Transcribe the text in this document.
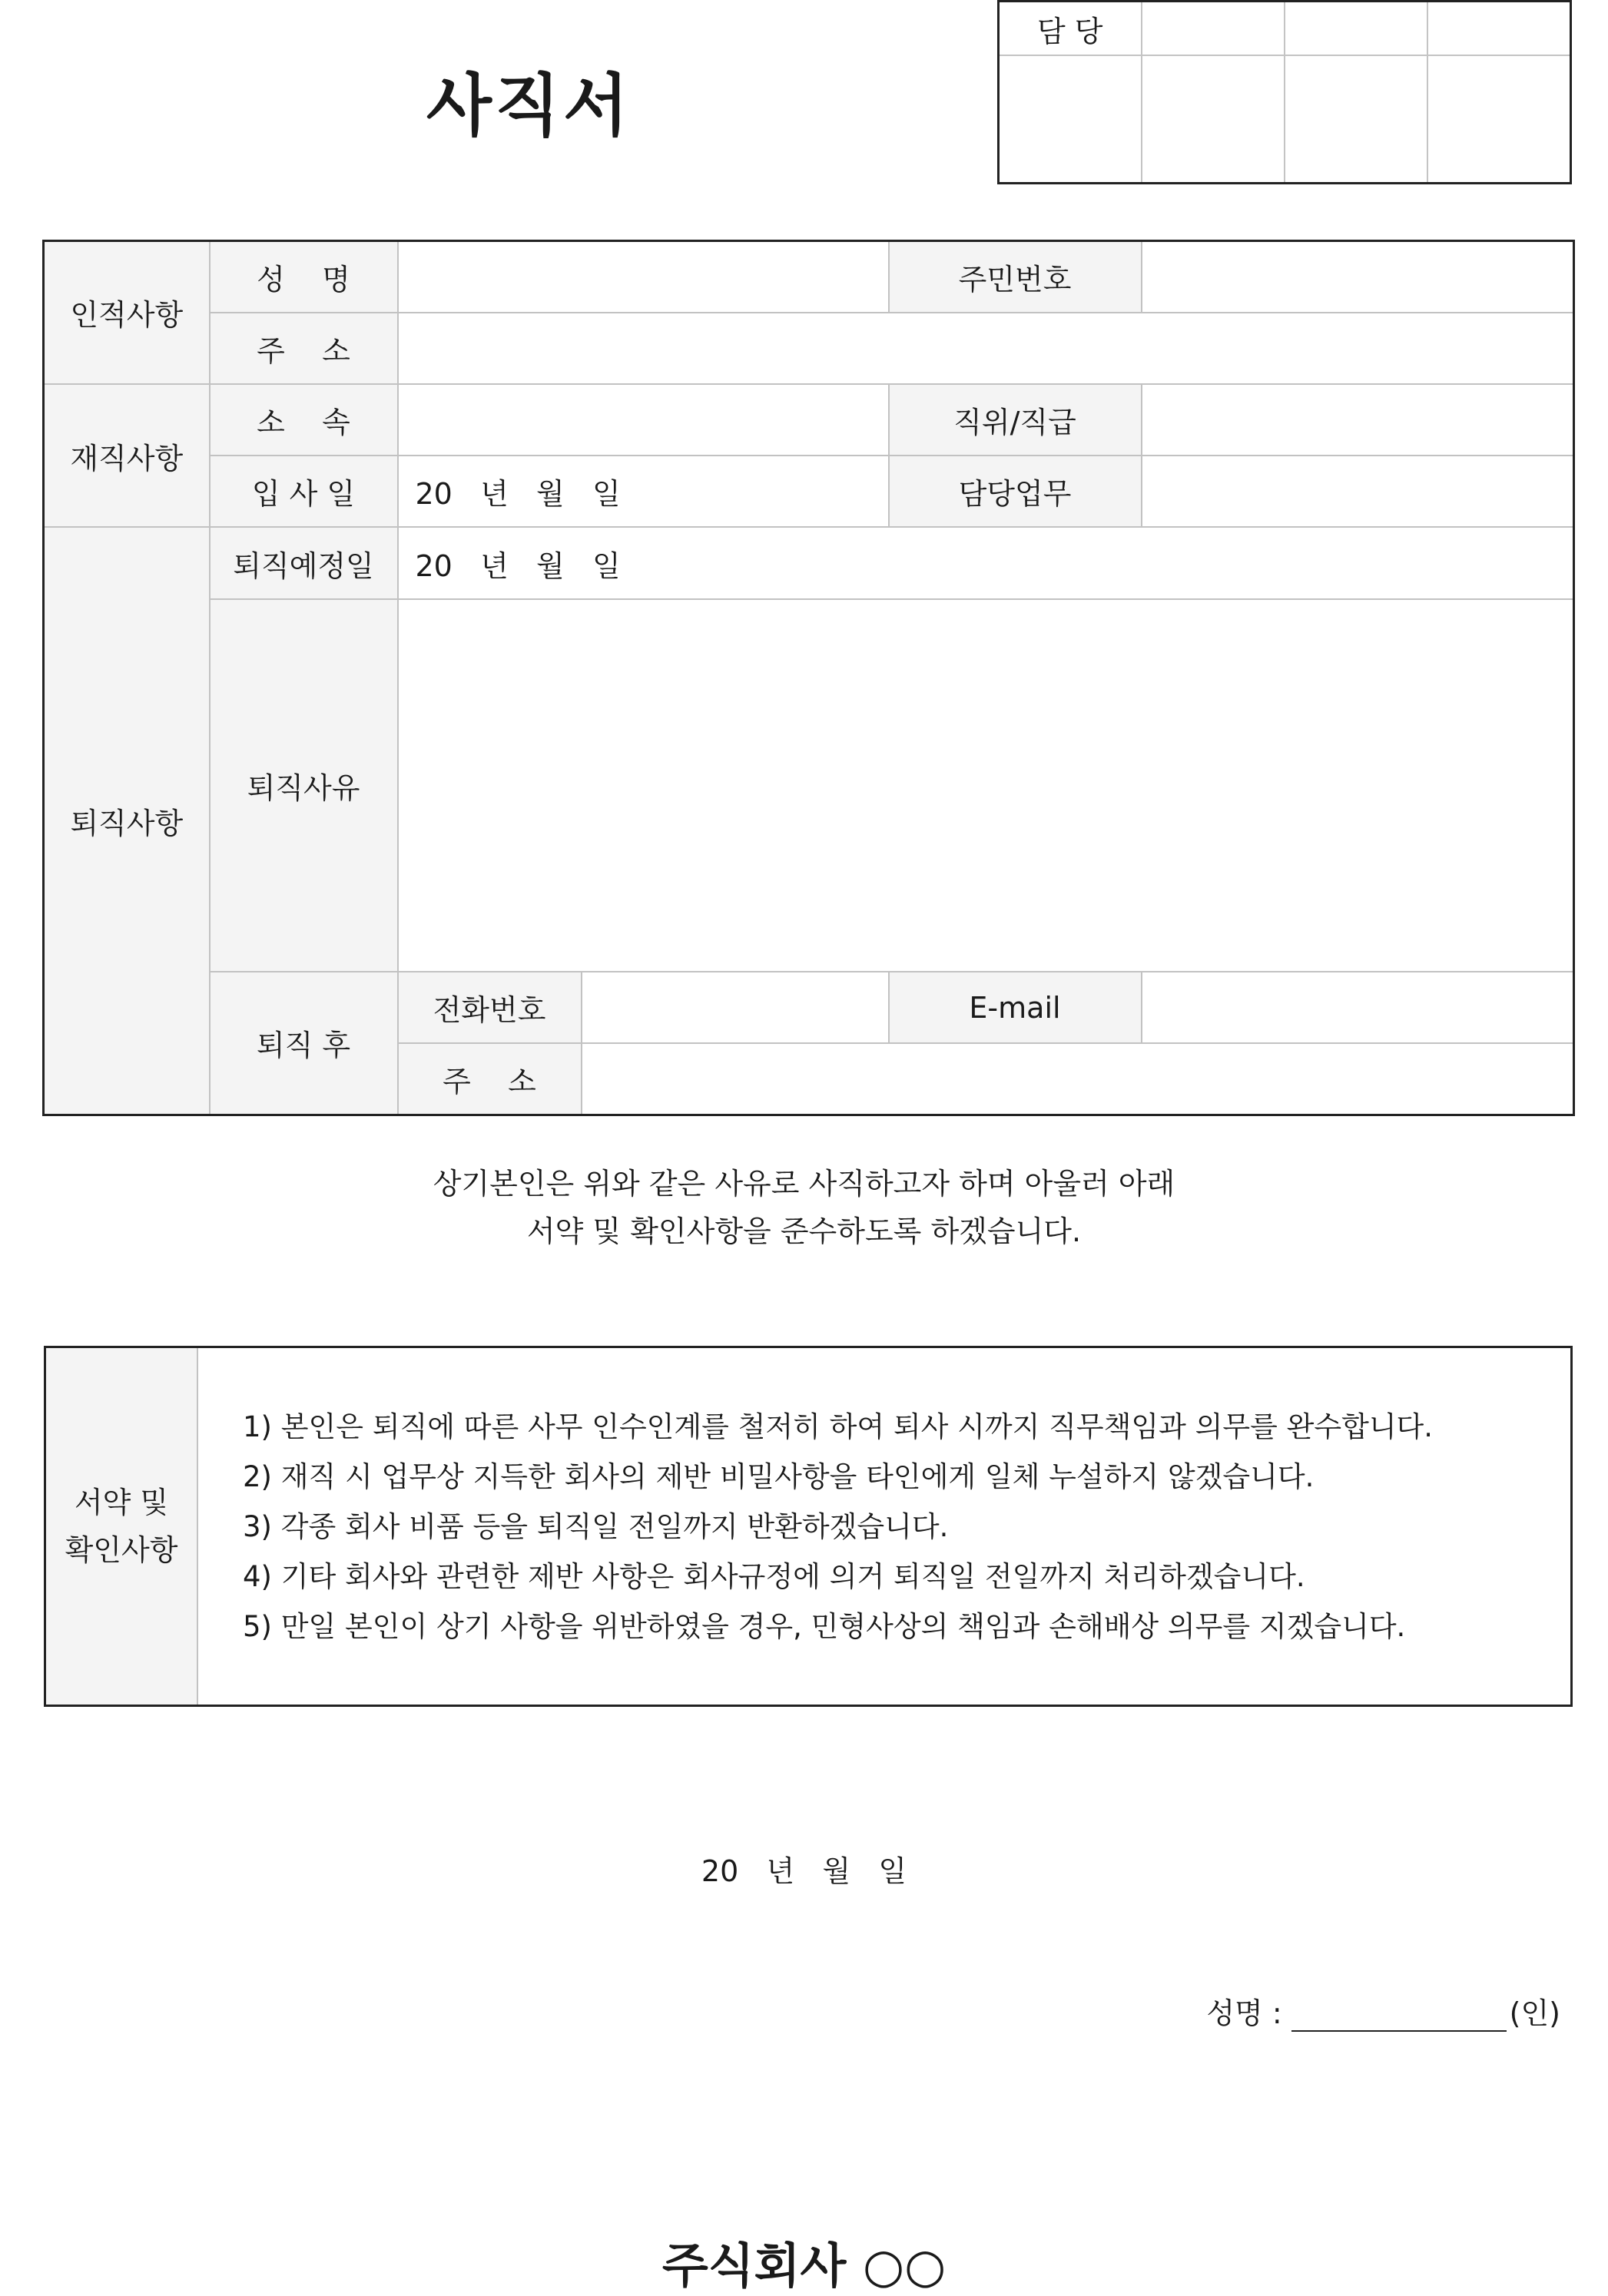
사직서
담 당			

인적사항	성    명			주민번호	
	주    소				
재직사항	소    속			직위/직급	
	입 사 일	20   년   월   일		담당업무	
퇴직사항	퇴직예정일	20   년   월   일			
	퇴직사유				
	퇴직 후	전화번호		E-mail	
		주    소			
상기본인은 위와 같은 사유로 사직하고자 하며 아울러 아래
서약 및 확인사항을 준수하도록 하겠습니다.
서약 및
확인사항

1) 본인은 퇴직에 따른 사무 인수인계를 철저히 하여 퇴사 시까지 직무책임과 의무를 완수합니다.
2) 재직 시 업무상 지득한 회사의 제반 비밀사항을 타인에게 일체 누설하지 않겠습니다.
3) 각종 회사 비품 등을 퇴직일 전일까지 반환하겠습니다.
4) 기타 회사와 관련한 제반 사항은 회사규정에 의거 퇴직일 전일까지 처리하겠습니다.
5) 만일 본인이 상기 사항을 위반하였을 경우, 민형사상의 책임과 손해배상 의무를 지겠습니다.
20   년   월   일
성명 :	(인)
주식회사 ○○
